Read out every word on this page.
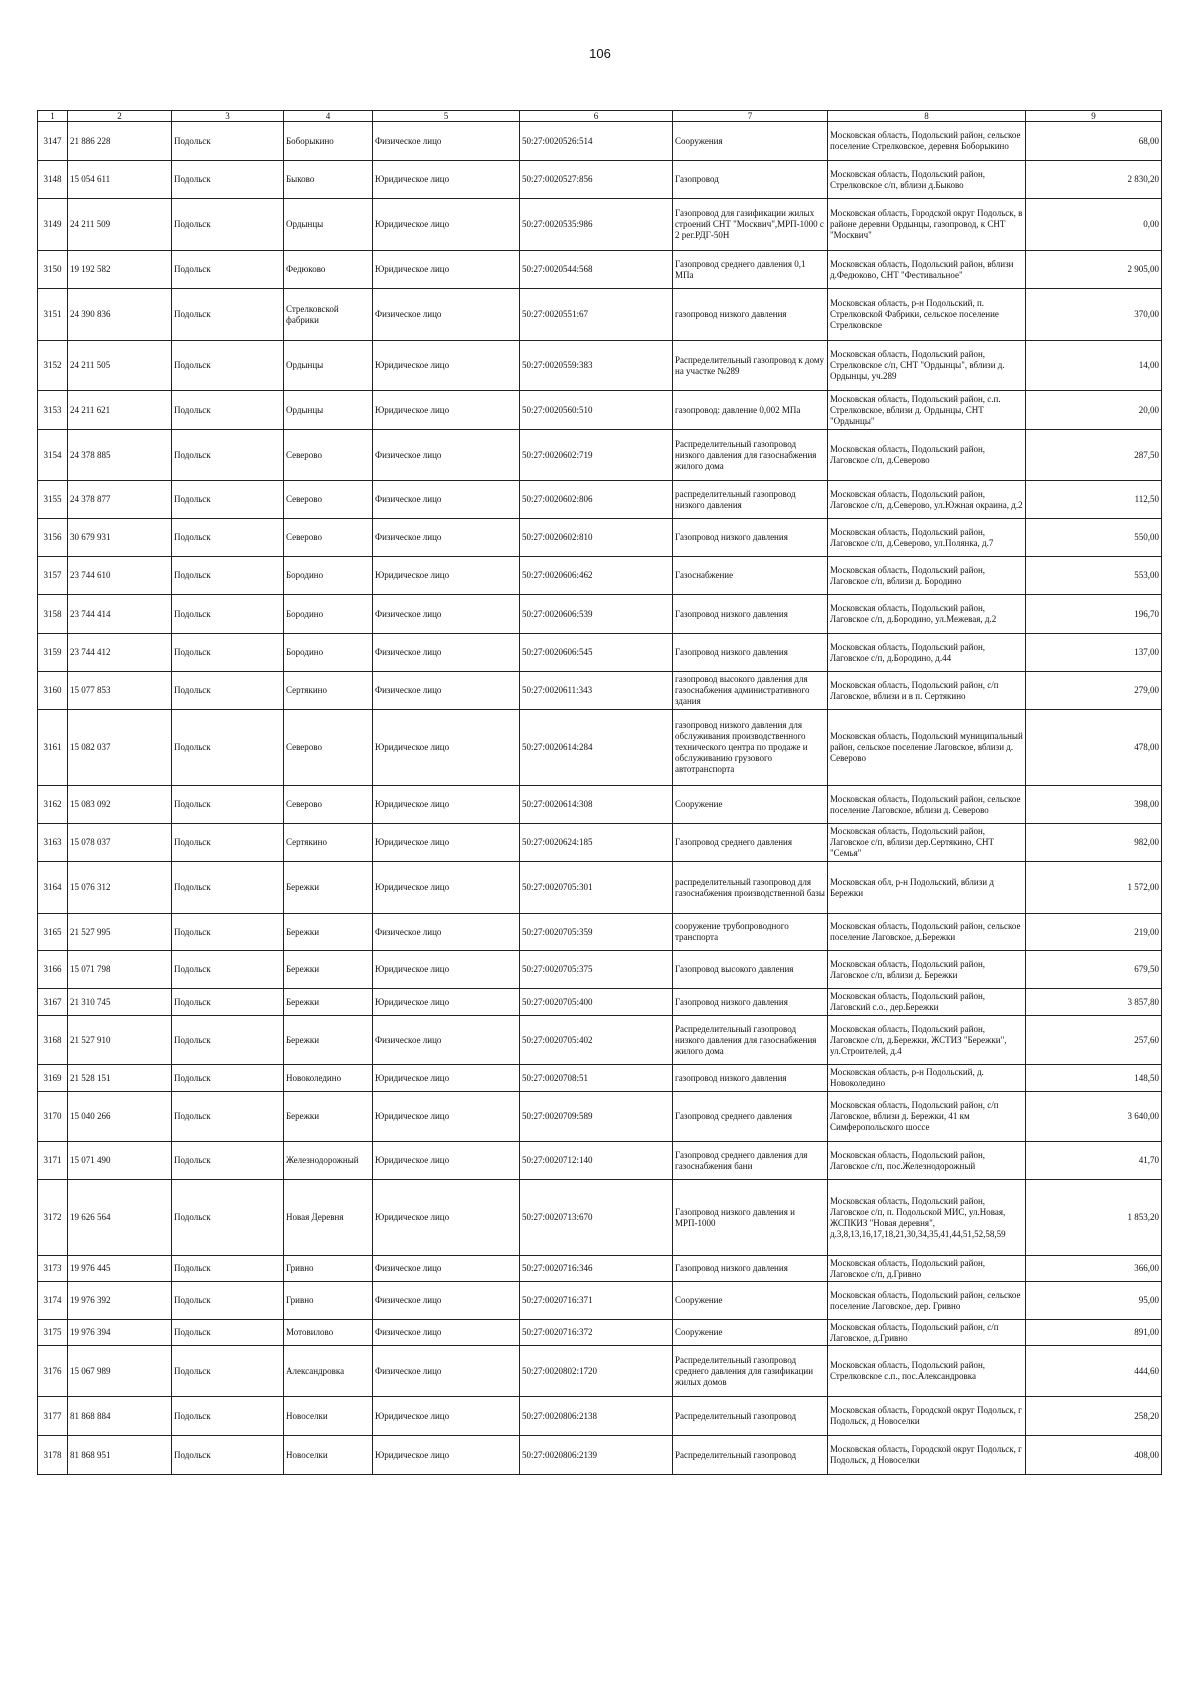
106
1	2	3	4	5	6	7	8	9
3147	21 886 228	Подольск	Боборыкино	Физическое лицо	50:27:0020526:514	Сооружения	Московская область, Подольский район, сельское поселение Стрелковское, деревня Боборыкино	68,00
3148	15 054 611	Подольск	Быково	Юридическое лицо	50:27:0020527:856	Газопровод	Московская область, Подольский район, Стрелковское с/п, вблизи д.Быково	2 830,20
3149	24 211 509	Подольск	Ордынцы	Юридическое лицо	50:27:0020535:986	Газопровод для газификации жилых строений СНТ "Москвич",МРП-1000 с 2 рег.РДГ-50Н	Московская область, Городской округ Подольск, в районе деревни Ордынцы, газопровод, к СНТ "Москвич"	0,00
3150	19 192 582	Подольск	Федюково	Юридическое лицо	50:27:0020544:568	Газопровод среднего давления 0,1 МПа	Московская область, Подольский район, вблизи д.Федюково, СНТ "Фестивальное"	2 905,00
3151	24 390 836	Подольск	Стрелковской фабрики	Физическое лицо	50:27:0020551:67	газопровод низкого давления	Московская область, р-н Подольский, п. Стрелковской Фабрики, сельское поселение Стрелковское	370,00
3152	24 211 505	Подольск	Ордынцы	Юридическое лицо	50:27:0020559:383	Распределительный газопровод к дому на участке №289	Московская область, Подольский район, Стрелковское с/п, СНТ "Ордынцы", вблизи д. Ордынцы, уч.289	14,00
3153	24 211 621	Подольск	Ордынцы	Юридическое лицо	50:27:0020560:510	газопровод: давление 0,002 МПа	Московская область, Подольский район, с.п. Стрелковское, вблизи д. Ордынцы, СНТ "Ордынцы"	20,00
3154	24 378 885	Подольск	Северово	Физическое лицо	50:27:0020602:719	Распределительный газопровод низкого давления для газоснабжения жилого дома	Московская область, Подольский район, Лаговское с/п, д.Северово	287,50
3155	24 378 877	Подольск	Северово	Физическое лицо	50:27:0020602:806	распределительный газопровод низкого давления	Московская область, Подольский район, Лаговское с/п, д.Северово, ул.Южная окраина, д.2	112,50
3156	30 679 931	Подольск	Северово	Физическое лицо	50:27:0020602:810	Газопровод низкого давления	Московская область, Подольский район, Лаговское с/п, д.Северово, ул.Полянка, д.7	550,00
3157	23 744 610	Подольск	Бородино	Юридическое лицо	50:27:0020606:462	Газоснабжение	Московская область, Подольский район, Лаговское с/п, вблизи д. Бородино	553,00
3158	23 744 414	Подольск	Бородино	Физическое лицо	50:27:0020606:539	Газопровод низкого давления	Московская область, Подольский район, Лаговское с/п, д.Бородино, ул.Межевая, д.2	196,70
3159	23 744 412	Подольск	Бородино	Физическое лицо	50:27:0020606:545	Газопровод низкого давления	Московская область, Подольский район, Лаговское с/п, д.Бородино, д.44	137,00
3160	15 077 853	Подольск	Сертякино	Физическое лицо	50:27:0020611:343	газопровод высокого давления для газоснабжения административного здания	Московская область, Подольский район, с/п Лаговское, вблизи и в п. Сертякино	279,00
3161	15 082 037	Подольск	Северово	Юридическое лицо	50:27:0020614:284	газопровод низкого давления для обслуживания производственного технического центра по продаже и обслуживанию грузового автотранспорта	Московская область, Подольский муниципальный район, сельское поселение Лаговское, вблизи д. Северово	478,00
3162	15 083 092	Подольск	Северово	Юридическое лицо	50:27:0020614:308	Сооружение	Московская область, Подольский район, сельское поселение Лаговское, вблизи д. Северово	398,00
3163	15 078 037	Подольск	Сертякино	Юридическое лицо	50:27:0020624:185	Газопровод среднего давления	Московская область, Подольский район, Лаговское с/п, вблизи дер.Сертякино, СНТ "Семья"	982,00
3164	15 076 312	Подольск	Бережки	Юридическое лицо	50:27:0020705:301	распределительный газопровод для газоснабжения производственной базы	Московская обл, р-н Подольский, вблизи д Бережки	1 572,00
3165	21 527 995	Подольск	Бережки	Физическое лицо	50:27:0020705:359	сооружение трубопроводного транспорта	Московская область, Подольский район, сельское поселение Лаговское, д.Бережки	219,00
3166	15 071 798	Подольск	Бережки	Юридическое лицо	50:27:0020705:375	Газопровод высокого давления	Московская область, Подольский район, Лаговское с/п, вблизи д. Бережки	679,50
3167	21 310 745	Подольск	Бережки	Юридическое лицо	50:27:0020705:400	Газопровод низкого давления	Московская область, Подольский район, Лаговский с.о., дер.Бережки	3 857,80
3168	21 527 910	Подольск	Бережки	Физическое лицо	50:27:0020705:402	Распределительный газопровод низкого давления для газоснабжения жилого дома	Московская область, Подольский район, Лаговское с/п, д.Бережки, ЖСТИЗ "Бережки", ул.Строителей, д.4	257,60
3169	21 528 151	Подольск	Новоколедино	Юридическое лицо	50:27:0020708:51	газопровод низкого давления	Московская область, р-н Подольский, д. Новоколедино	148,50
3170	15 040 266	Подольск	Бережки	Юридическое лицо	50:27:0020709:589	Газопровод среднего давления	Московская область, Подольский район, с/п Лаговское, вблизи д. Бережки, 41 км Симферопольского шоссе	3 640,00
3171	15 071 490	Подольск	Железнодорожный	Юридическое лицо	50:27:0020712:140	Газопровод среднего давления для газоснабжения бани	Московская область, Подольский район, Лаговское с/п, пос.Железнодорожный	41,70
3172	19 626 564	Подольск	Новая Деревня	Юридическое лицо	50:27:0020713:670	Газопровод низкого давления и МРП-1000	Московская область, Подольский район, Лаговское с/п, п. Подольской МИС, ул.Новая, ЖСПКИЗ "Новая деревня", д.3,8,13,16,17,18,21,30,34,35,41,44,51,52,58,59	1 853,20
3173	19 976 445	Подольск	Гривно	Физическое лицо	50:27:0020716:346	Газопровод низкого давления	Московская область, Подольский район, Лаговское с/п, д.Гривно	366,00
3174	19 976 392	Подольск	Гривно	Физическое лицо	50:27:0020716:371	Сооружение	Московская область, Подольский район, сельское поселение Лаговское, дер. Гривно	95,00
3175	19 976 394	Подольск	Мотовилово	Физическое лицо	50:27:0020716:372	Сооружение	Московская область, Подольский район, с/п Лаговское, д.Гривно	891,00
3176	15 067 989	Подольск	Александровка	Физическое лицо	50:27:0020802:1720	Распределительный газопровод среднего давления для газификации жилых домов	Московская область, Подольский район, Стрелковское с.п., пос.Александровка	444,60
3177	81 868 884	Подольск	Новоселки	Юридическое лицо	50:27:0020806:2138	Распределительный газопровод	Московская область, Городской округ Подольск, г Подольск, д Новоселки	258,20
3178	81 868 951	Подольск	Новоселки	Юридическое лицо	50:27:0020806:2139	Распределительный газопровод	Московская область, Городской округ Подольск, г Подольск, д Новоселки	408,00
